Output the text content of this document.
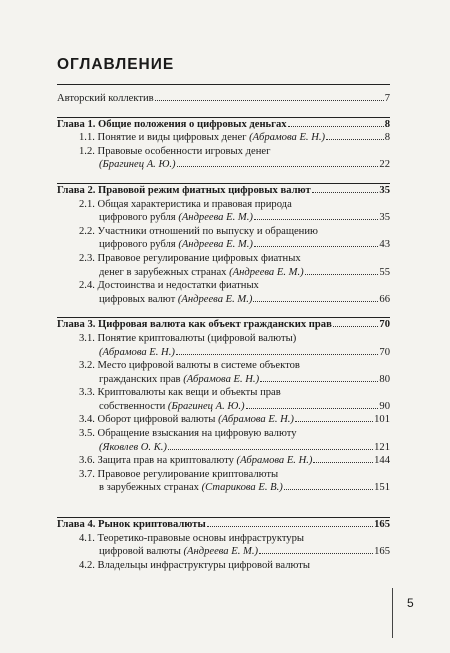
ОГЛАВЛЕНИЕ
Авторский коллектив	7
Глава 1. Общие положения о цифровых деньгах	8
1.1. Понятие и виды цифровых денег (Абрамова Е. Н.)	8
1.2. Правовые особенности игровых денег
(Брагинец А. Ю.)	22
Глава 2. Правовой режим фиатных цифровых валют	35
2.1. Общая характеристика и правовая природа
цифрового рубля (Андреева Е. М.)	35
2.2. Участники отношений по выпуску и обращению
цифрового рубля (Андреева Е. М.)	43
2.3. Правовое регулирование цифровых фиатных
денег в зарубежных странах (Андреева Е. М.)	55
2.4. Достоинства и недостатки фиатных
цифровых валют (Андреева Е. М.)	66
Глава 3. Цифровая валюта как объект гражданских прав	70
3.1. Понятие криптовалюты (цифровой валюты)
(Абрамова Е. Н.)	70
3.2. Место цифровой валюты в системе объектов
гражданских прав (Абрамова Е. Н.)	80
3.3. Криптовалюты как вещи и объекты прав
собственности (Брагинец А. Ю.)	90
3.4. Оборот цифровой валюты (Абрамова Е. Н.)	101
3.5. Обращение взыскания на цифровую валюту
(Яковлев О. К.)	121
3.6. Защита прав на криптовалюту (Абрамова Е. Н.)	144
3.7. Правовое регулирование криптовалюты
в зарубежных странах (Старикова Е. В.)	151
Глава 4. Рынок криптовалюты	165
4.1. Теоретико-правовые основы инфраструктуры
цифровой валюты (Андреева Е. М.)	165
4.2. Владельцы инфраструктуры цифровой валюты
5
